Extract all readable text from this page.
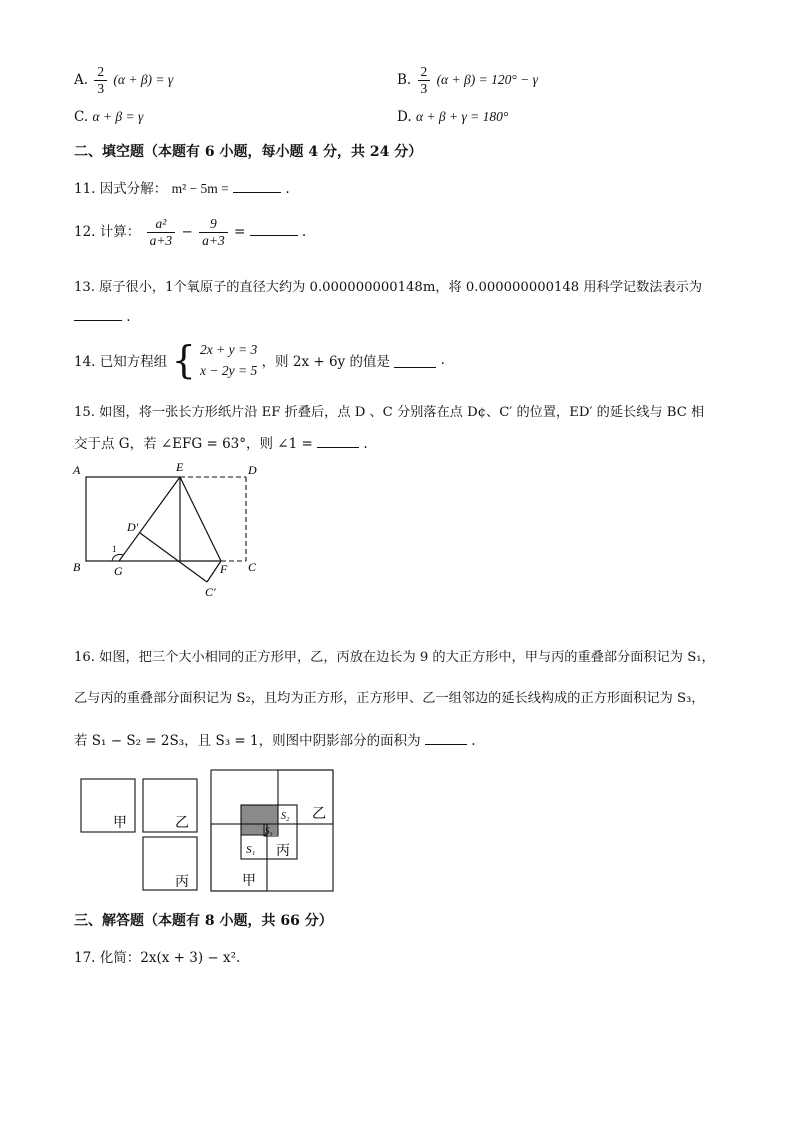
A. $\frac{2}{3} (\alpha + \beta) = \gamma$	B. $\frac{2}{3} (\alpha + \beta) = 120^\circ - \gamma$
C. α + β = γ	D. α + β + γ = 180°
二、填空题（本题有 6 小题，每小题 4 分，共 24 分）
11. 因式分解： m² − 5m =	.
12. 计算： $\frac{\text{a²}}{a+3} - \frac{9}{a+3}$ =	.
13. 原子很小，1个氧原子的直径大约为 0.000000000148m，将 0.000000000148 用科学记数法表示为
.
14. 已知方程组 { 2x + y = 3
x − 2y = 5
，则 2x + 6y 的值是	.
15. 如图，将一张长方形纸片沿 EF 折叠后，点 D 、C 分别落在点 D¢、C′ 的位置，ED′ 的延长线与 BC 相
交于点 G，若 ∠EFG = 63°，则 ∠1 =	.
A	E	D
D′
1
B	G	F C
C′
16. 如图，把三个大小相同的正方形甲，乙，丙放在边长为 9 的大正方形中，甲与丙的重叠部分面积记为 S₁，
乙与丙的重叠部分面积记为 S₂，且均为正方形，正方形甲、乙一组邻边的延长线构成的正方形面积记为 S₃，
若 S₁ − S₂ = 2S₃，且 S₃ = 1，则图中阴影部分的面积为	.
甲	乙
丙
乙
丙
甲
S₁
S₂
S₃
三、解答题（本题有 8 小题，共 66 分）
17. 化简：2x(x + 3) − x².
